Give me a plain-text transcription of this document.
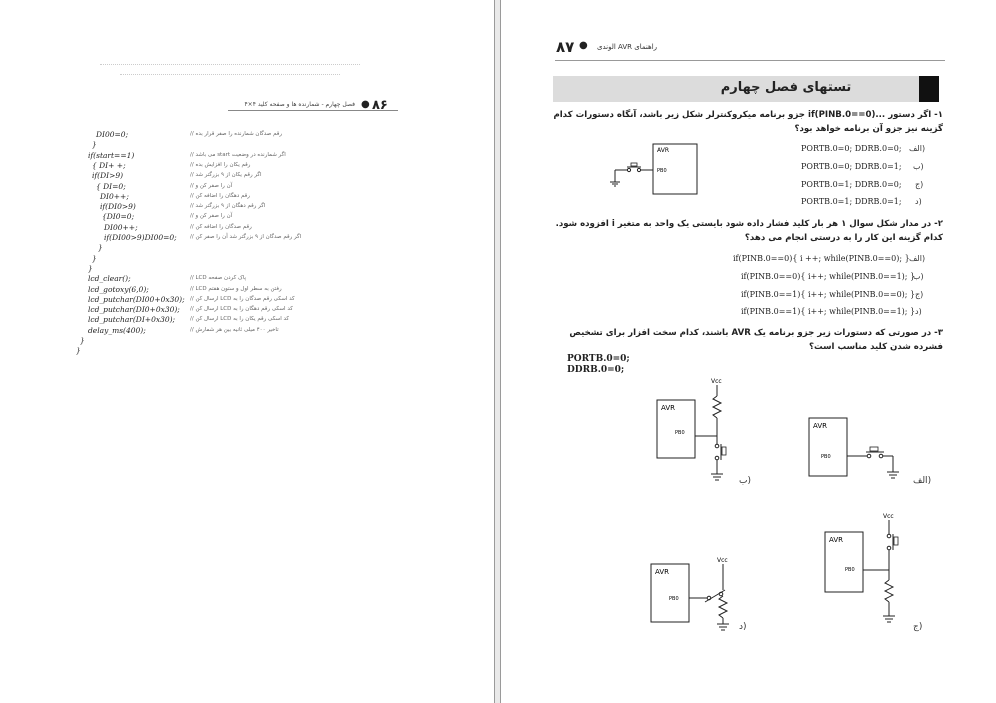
۸۶
●
فصل چهارم - شمارنده ها و صفحه کلید ۴×۴
DI00=0;	رقم صدگان شمارنده را صفر قرار بده //
}
if(start==1)	اگر شمارنده در وضعیت start می باشد //
{ DI+ +;	رقم یکان را افزایش بده //
if(DI>9)	اگر رقم یکان از ۹ بزرگتر شد //
{ DI=0;	آن را صفر کن و //
DI0++;	رقم دهگان را اضافه کن //
if(DI0>9)	اگر رقم دهگان از ۹ بزرگتر شد //
{DI0=0;	آن را صفر کن و //
DI00++;	رقم صدگان را اضافه کن //
if(DI00>9)DI00=0; اگر رقم صدگان از ۹ بزرگتر شد آن را صفر کن //
}
}
}
lcd_clear();	پاک کردن صفحه LCD //
lcd_gotoxy(6,0);	رفتن به سطر اول و ستون هفتم LCD //
lcd_putchar(DI00+0x30); کد اسکی رقم صدگان را به LCD ارسال کن //
lcd_putchar(DI0+0x30); کد اسکی رقم دهگان را به LCD ارسال کن //
lcd_putchar(DI+0x30);	کد اسکی رقم یکان را به LCD ارسال کن //
delay_ms(400);	تاخیر ۴۰۰ میلی ثانیه بین هر شمارش //
}
}
۸۷ ● راهنمای AVR الوندی
تستهای فصل چهارم
۱- اگر دستور ...if(PINB.0==0) جزو برنامه میکروکنترلر شکل زیر باشد، آنگاه دستورات کدام گزینه نیز جزو آن برنامه خواهد بود؟
PORTB.0=0; DDRB.0=0; الف)
PORTB.0=0; DDRB.0=1; ب)
PORTB.0=1; DDRB.0=0; ج)
PORTB.0=1; DDRB.0=1; د)
AVR
PB0
۲- در مدار شکل سوال ۱ هر بار کلید فشار داده شود بایستی یک واحد به متغیر i افزوده شود. کدام گزینه این کار را به درستی انجام می دهد؟
if(PINB.0==0){ i ++; while(PINB.0==0); } الف)
if(PINB.0==0){ i++; while(PINB.0==1); }
ب)
if(PINB.0==1){ i++; while(PINB.0==0); } ج)
if(PINB.0==1){ i++; while(PINB.0==1); } د)
۳- در صورتی که دستورات زیر جزو برنامه یک AVR باشند، کدام سخت افزار برای تشخیص فشرده شدن کلید مناسب است؟
PORTB.0=0;
DDRB.0=0;
AVR
PB0
الف)
Vcc
AVR
PB0
ب)
Vcc
AVR
PB0
ج)
Vcc
AVR
PB0
د)
